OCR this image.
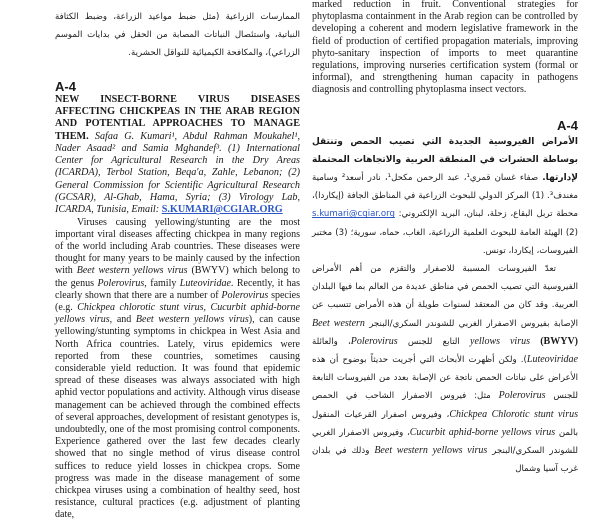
الممارسات الزراعية (مثل ضبط مواعيد الزراعة، وضبط الكثافة النباتية، واستئصال النباتات المصابة من الحقل في بدايات الموسم الزراعي)، والمكافحة الكيميائية للنواقل الحشرية.

A-4

NEW INSECT-BORNE VIRUS DISEASES AFFECTING CHICKPEAS IN THE ARAB REGION AND POTENTIAL APPROACHES TO MANAGE THEM. Safaa G. Kumari¹, Abdul Rahman Moukahel¹, Nader Asaad² and Samia Mghandef³. (1) International Center for Agricultural Research in the Dry Areas (ICARDA), Terbol Station, Beqa'a, Zahle, Lebanon; (2) General Commission for Scientific Agricultural Research (GCSAR), Al-Ghab, Hama, Syria; (3) Virology Lab, ICARDA, Tunisia, Email: S.KUMARI@CGIAR.ORG

Viruses causing yellowing/stunting are the most important viral diseases affecting chickpea in many regions of the world including Arab countries. These diseases were thought for many years to be mainly caused by the infection with Beet western yellows virus (BWYV) which belong to the genus Polerovirus, family Luteoviridae. Recently, it has clearly shown that there are a number of Polerovirus species (e.g. Chickpea chlorotic stunt virus, Cucurbit aphid-borne yellows virus, and Beet western yellows virus), can cause yellowing/stunting symptoms in chickpea in West Asia and North Africa countries. Lately, virus epidemics were reported from these countries, sometimes causing considerable yield reduction. It was found that epidemic spread of these diseases was always associated with high aphid vector populations and activity. Although virus disease management can be achieved through the combined effects of several approaches, development of resistant genotypes is, undoubtedly, one of the most promising control components. Experience gathered over the last few decades clearly showed that no single method of virus disease control suffices to reduce yield losses in chickpea crops. Some progress was made in the disease management of some chickpea viruses using a combination of healthy seed, host resistance, cultural practices (e.g. adjustment of planting date,

marked reduction in fruit. Conventional strategies for phytoplasma containment in the Arab region can be controlled by developing a coherent and modern legislative framework in the field of production of certified propagation materials, improving phyto-sanitary inspection of imports to meet quarantine regulations, improving nurseries certification system (formal or informal), and strengthening human capacity in pathogens diagnosis and controlling phytoplasma insect vectors.

A-4

الأمراض الفيروسية الجديدة التي تصيب الحمص وتنتقل بوساطة الحشرات في المنطقة العربية والاتجاهات المحتملة لإدارتها. صفاء غسان قمري¹، عبد الرحمن مكحل¹، نادر أسعد² وسامية مغندف³. (1) المركز الدولي للبحوث الزراعية في المناطق الجافة (إيكاردا)، محطة تربل البقاع، زحلة، لبنان، البريد الإلكتروني: s.kumari@cgiar.org (2) الهيئة العامة للبحوث العلمية الزراعية، الغاب، حماه، سورية؛ (3) مختبر الفيروسات، إيكاردا، تونس.

تعدّ الفيروسات المسببة للاصفرار والتقزم من أهم الأمراض الفيروسية التي تصيب الحمص في مناطق عديدة من العالم بما فيها البلدان العربية. وقد كان من المعتقد لسنوات طويلة أن هذه الأمراض تتسبب عن الإصابة بفيروس الاصفرار الغربي للشوندر السكري/البنجر Beet western yellows virus (BWYV) التابع للجنس Polerovirus، والعائلة Luteoviridae). ولكن أظهرت الأبحاث التي أجريت حديثاً بوضوح أن هذه الأعراض على نباتات الحمص ناتجة عن الإصابة بعدد من الفيروسات التابعة للجنس Polerovirus مثل: فيروس الاصفرار الشاحب في الحمص Chickpea Chlorotic stunt virus، وفيروس اصفرار القرعيات المنقول بالمن Cucurbit aphid-borne yellows virus، وفيروس الاصفرار الغربي للشوندر السكري/البنجر Beet western yellows virus وذلك في بلدان غرب آسيا وشمال
